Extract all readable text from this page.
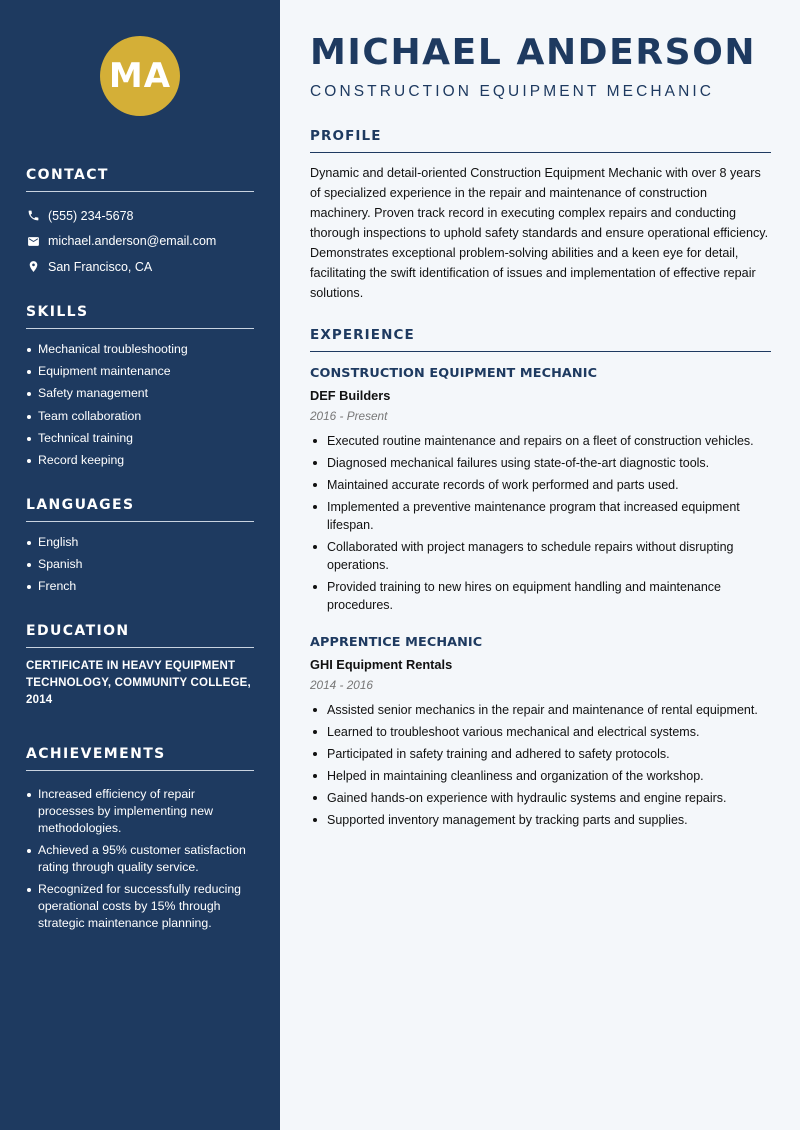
MA
CONTACT
(555) 234-5678
michael.anderson@email.com
San Francisco, CA
SKILLS
Mechanical troubleshooting
Equipment maintenance
Safety management
Team collaboration
Technical training
Record keeping
LANGUAGES
English
Spanish
French
EDUCATION
CERTIFICATE IN HEAVY EQUIPMENT TECHNOLOGY, COMMUNITY COLLEGE, 2014
ACHIEVEMENTS
Increased efficiency of repair processes by implementing new methodologies.
Achieved a 95% customer satisfaction rating through quality service.
Recognized for successfully reducing operational costs by 15% through strategic maintenance planning.
MICHAEL ANDERSON
CONSTRUCTION EQUIPMENT MECHANIC
PROFILE
Dynamic and detail-oriented Construction Equipment Mechanic with over 8 years of specialized experience in the repair and maintenance of construction machinery. Proven track record in executing complex repairs and conducting thorough inspections to uphold safety standards and ensure operational efficiency. Demonstrates exceptional problem-solving abilities and a keen eye for detail, facilitating the swift identification of issues and implementation of effective repair solutions.
EXPERIENCE
CONSTRUCTION EQUIPMENT MECHANIC
DEF Builders
2016 - Present
Executed routine maintenance and repairs on a fleet of construction vehicles.
Diagnosed mechanical failures using state-of-the-art diagnostic tools.
Maintained accurate records of work performed and parts used.
Implemented a preventive maintenance program that increased equipment lifespan.
Collaborated with project managers to schedule repairs without disrupting operations.
Provided training to new hires on equipment handling and maintenance procedures.
APPRENTICE MECHANIC
GHI Equipment Rentals
2014 - 2016
Assisted senior mechanics in the repair and maintenance of rental equipment.
Learned to troubleshoot various mechanical and electrical systems.
Participated in safety training and adhered to safety protocols.
Helped in maintaining cleanliness and organization of the workshop.
Gained hands-on experience with hydraulic systems and engine repairs.
Supported inventory management by tracking parts and supplies.
